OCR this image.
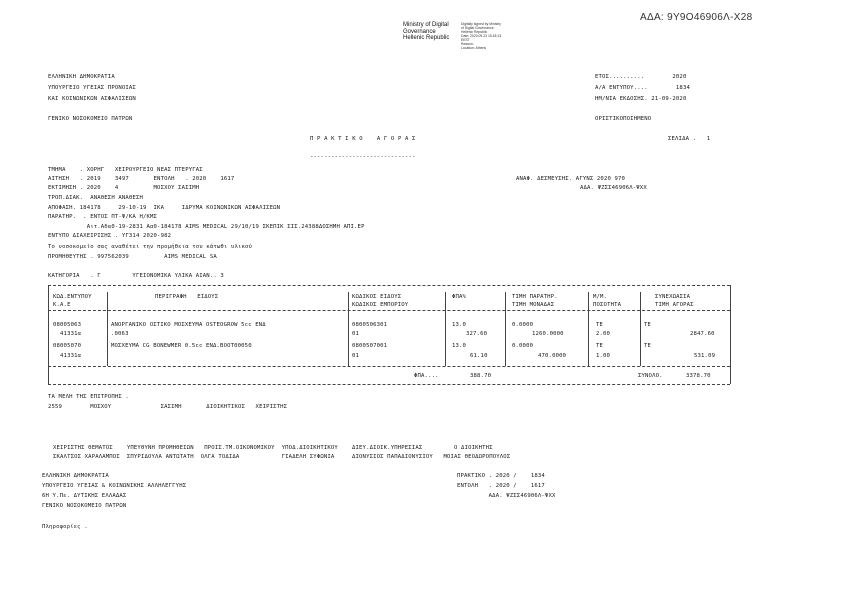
ΑΔΑ: 9Υ9Ο46906Λ-Χ28
Ministry of Digital
Governance
Hellenic Republic
Digitally signed by Ministry
of Digital Governance,
Hellenic Republic
Date: 2020.09.23 15:18:13
EEST
Reason:
Location: Athens
ΕΛΛΗΝΙΚΗ ΔΗΜΟΚΡΑΤΙΑ
ΥΠΟΥΡΓΕΙΟ ΥΓΕΙΑΣ ΠΡΟΝΟΙΑΣ
ΚΑΙ ΚΟΙΝΩΝΙΚΩΝ ΑΣΦΑΛΙΣΕΩΝ
ΕΤΟΣ..........        2020
Α/Α ΕΝΤΥΠΟΥ....        1834
ΗΜ/ΝΙΑ ΕΚΔΟΣΗΣ. 21-09-2020
ΓΕΝΙΚΟ ΝΟΣΟΚΟΜΕΙΟ ΠΑΤΡΩΝ	ΟΡΙΣΤΙΚΟΠΟΙΗΜΕΝΟ
Π Ρ Α Κ Τ Ι Κ Ο    Α Γ Ο Ρ Α Σ	ΣΕΛΙΔΑ .   1
------------------------------
ΤΜΗΜΑ    . ΧΟΡΗΓ   ΧΕΙΡΟΥΡΓΕΙΟ ΝΕΑΣ ΠΤΕΡΥΓΑΣ
ΑΙΤΗΣΗ   . 2019    3497       ΕΝΤΟΛΗ   . 2020    1617
ΕΚΤΙΜΗΣΗ . 2020    4          ΜΟΣΧΟΥ ΣΑΣΙΜΗ
ΤΡΟΠ.ΔΙΑΚ.  ΑΝΑΘΕΣΗ ΑΝΑΘΕΣΗ
ΑΠΟΦΑΣΗ. 184178     29-10-19  ΙΚΑ     ΙΔΡΥΜΑ ΚΟΙΝΩΝΙΚΩΝ ΑΣΦΑΛΙΣΕΩΝ
ΠΑΡΑΤΗΡ.  . ΕΝΤΟΣ ΠΤ-Ψ/ΚΑ Η/ΚΜΣ
Αιτ.Αδα0-19-2831 Αα0-184178 AIMS MEDICAL 29/10/19 ΣΚΕΠΙΚ ΣΙΣ.24388ΔΟΣΗΜΗ ΑΠΙ.ΕΡ
ΕΝΤΥΠΟ ΔΙΑΧΕΙΡΙΣΗΣ . ΥΓ314 2020-982
Το νοσοκομείο σας αναθέτει την προμήθεια του κάτωθι υλικού
ΠΡΟΜΗΘΕΥΤΗΣ . 997562039          AIMS MEDICAL SA
ΑΝΑΦ. ΔΕΣΜΕΥΣΗΣ. ΑΓΥΝΣ 2020 970
ΑΔΑ. ΨΖΣΣ46906Λ-ΨΧΧ
ΚΑΤΗΓΟΡΙΑ   . Γ         ΥΓΕΙΟΝΟΜΙΚΑ ΥΛΙΚΑ ΑΙΑΝ.. 3
ΚΩΔ.ΕΝΤΥΠΟΥ	ΠΕΡΙΓΡΑΦΗ   ΕΙΔΟΥΣ	ΚΩΔΙΚΟΣ ΕΙΔΟΥΣ	ΦΠΑ%	ΤΙΜΗ ΠΑΡΑΤΗΡ.	Μ/Μ.	ΣΥΝΕΧΩΑΣΙΑ
Κ.Α.Ε	ΚΩΔΙΚΟΣ ΕΜΠΟΡΙΟΥ	ΤΙΜΗ ΜΟΝΑΔΑΣ	ΠΟΣΟΤΗΤΑ	ΤΙΜΗ ΑΓΟΡΑΣ
08005063	ΑΝΟΡΓΑΝΙΚΟ ΟΣΤΙΚΟ ΜΟΣΧΕΥΜΑ OSTEOGROW 5cc ΕΝΔ	0800506301	13.0	0.0000	ΤΕ	ΤΕ
41331α	.0063	01	327.60	1260.0000	2.00	2847.60
08005070	ΜΟΣΧΕΥΜΑ CG BONEWMER 0.5cc ΕΝΔ.ΒΟΟΤ00050	0800507001	13.0	0.0000	ΤΕ	ΤΕ
41331α	01	61.10	470.0000	1.00	531.09
ΦΠΑ....	388.70	ΣΥΝΟΛΟ.	3378.70
ΤΑ ΜΕΛΗ ΤΗΣ ΕΠΙΤΡΟΠΗΣ .
2559        ΜΟΣΧΟΥ              ΣΑΣΙΜΗ       ΔΙΟΙΚΗΤΙΚΟΣ   ΧΕΙΡΙΣΤΗΣ
ΧΕΙΡΙΣΤΗΣ ΘΕΜΑΤΟΣ    ΥΠΕΥΘΥΝΗ ΠΡΟΜΗΘΕΙΩΝ   ΠΡΟΙΣ.ΤΜ.ΟΙΚΟΝΟΜΙΚΟΥ  ΥΠΟΔ.ΔΙΟΙΚΗΤΙΚΟΥ    ΔΙΕΥ.ΔΙΟΙΚ.ΥΠΗΡΕΣΙΑΣ         Ο ΔΙΟΙΚΗΤΗΣ
ΣΚΑΛΤΣΟΣ ΧΑΡΑΛΑΜΠΟΣ  ΣΠΥΡΙΔΟΥΛΑ ΑΝΤΩΤΑΤΗ  ΟΛΓΑ ΤΟΔΙΔΑ            ΓΙΑΔΕΛΗ ΣΥΦΩΝΙΑ     ΔΙΟΝΥΣΙΟΣ ΠΑΠΑΔΙΟΝΥΣΙΟΥ   ΜΟΙΑΣ ΘΕΟΔΩΡΟΠΟΥΛΟΣ
ΕΛΛΗΝΙΚΗ ΔΗΜΟΚΡΑΤΙΑ
ΥΠΟΥΡΓΕΙΟ ΥΓΕΙΑΣ & ΚΟΙΝΩΝΙΚΗΣ ΑΛΛΗΛΕΓΓΥΗΣ
6Η Υ.Πε. ΔΥΤΙΚΗΣ ΕΛΛΑΔΑΣ
ΓΕΝΙΚΟ ΝΟΣΟΚΟΜΕΙΟ ΠΑΤΡΩΝ
ΠΡΑΚΤΙΚΟ . 2020 /    1834
ΕΝΤΟΛΗ   . 2020 /    1617
ΑΔΑ. ΨΖΣΣ46906Λ-ΨΧΧ
Πληροφορίες .
